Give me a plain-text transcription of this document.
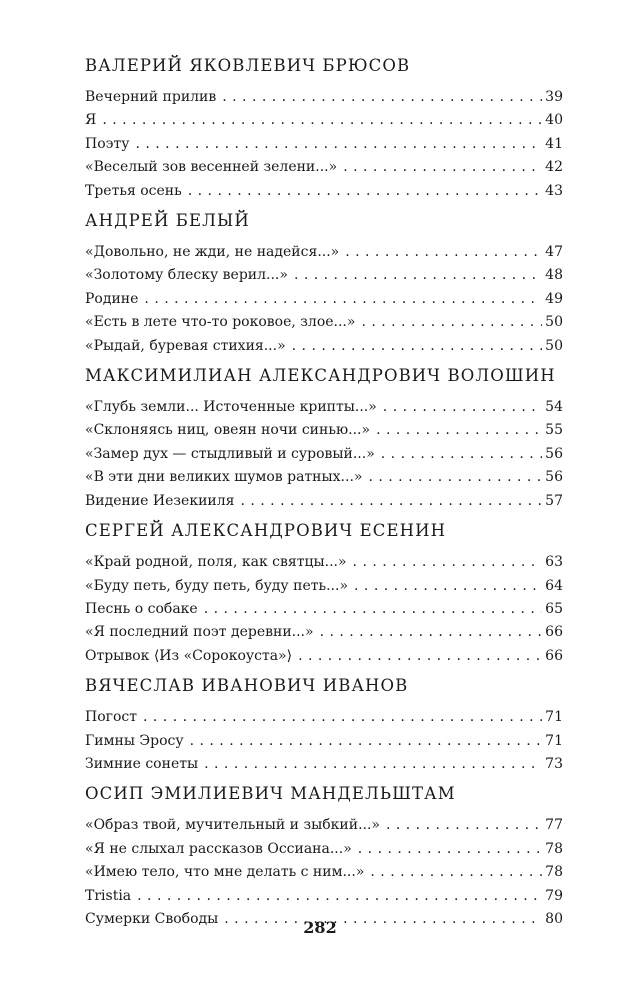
ВАЛЕРИЙ ЯКОВЛЕВИЧ БРЮСОВ
Вечерний прилив . . .	39
Я . . .	40
Поэту . . .	41
«Веселый зов весенней зелени...» . . .	42
Третья осень . . .	43
АНДРЕЙ БЕЛЫЙ
«Довольно, не жди, не надейся...» . . .	47
«Золотому блеску верил...» . . .	48
Родине . . .	49
«Есть в лете что-то роковое, злое...» . . .	50
«Рыдай, буревая стихия...» . . .	50
МАКСИМИЛИАН АЛЕКСАНДРОВИЧ ВОЛОШИН
«Глубь земли... Источенные крипты...» . . .	54
«Склоняясь ниц, овеян ночи синью...» . . .	55
«Замер дух — стыдливый и суровый...» . . .	56
«В эти дни великих шумов ратных...» . . .	56
Видение Иезекииля . . .	57
СЕРГЕЙ АЛЕКСАНДРОВИЧ ЕСЕНИН
«Край родной, поля, как святцы...» . . .	63
«Буду петь, буду петь, буду петь...» . . .	64
Песнь о собаке . . .	65
«Я последний поэт деревни...» . . .	66
Отрывок ⟨Из «Сорокоуста»⟩ . . .	66
ВЯЧЕСЛАВ ИВАНОВИЧ ИВАНОВ
Погост . . .	71
Гимны Эросу . . .	71
Зимние сонеты . . .	73
ОСИП ЭМИЛИЕВИЧ МАНДЕЛЬШТАМ
«Образ твой, мучительный и зыбкий...» . . .	77
«Я не слыхал рассказов Оссиана...» . . .	78
«Имею тело, что мне делать с ним...» . . .	78
Tristia . . .	79
Сумерки Свободы . . .	80
282
